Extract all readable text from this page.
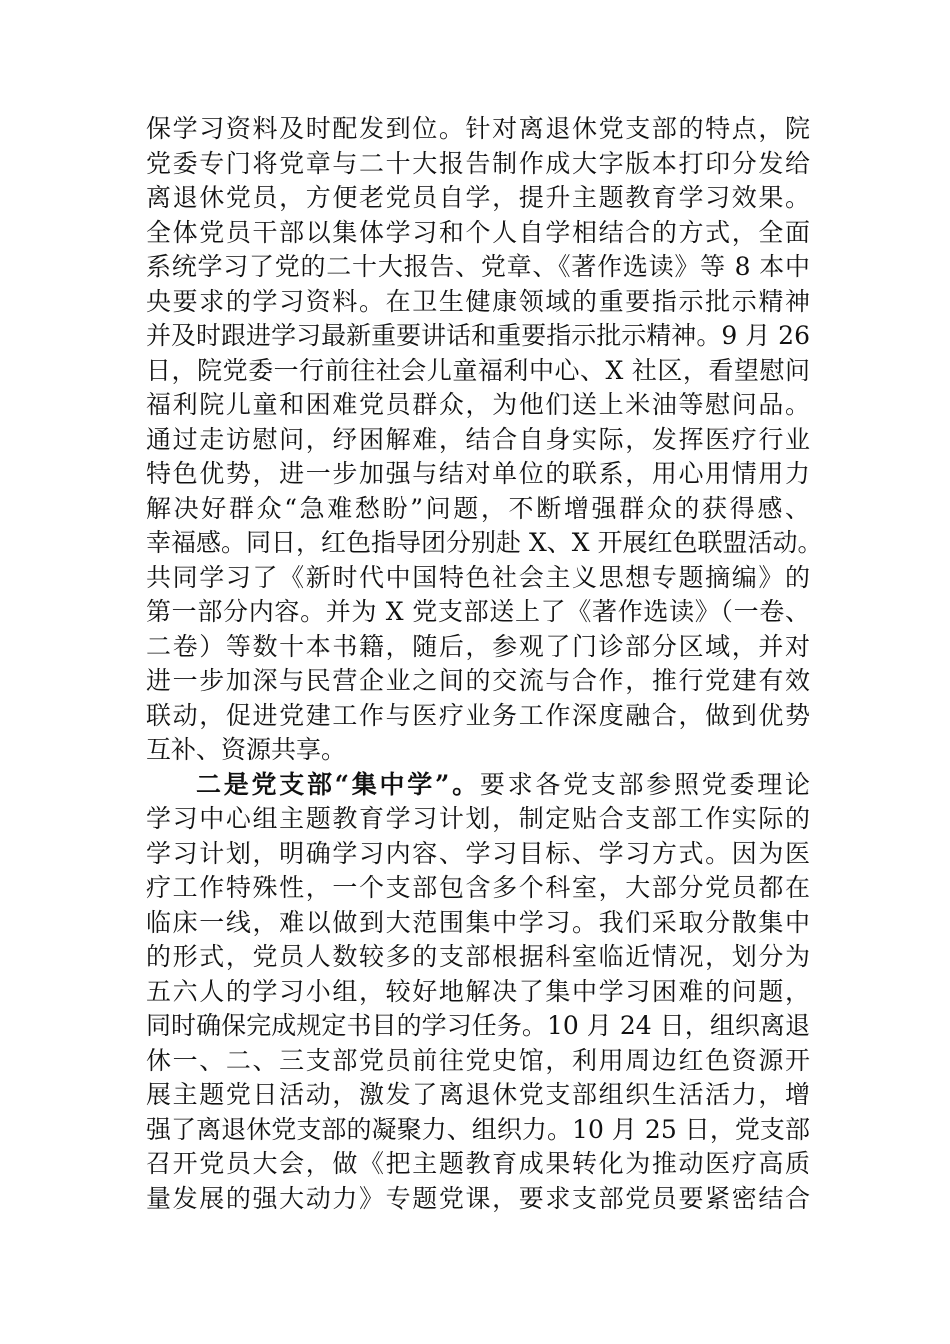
保学习资料及时配发到位。针对离退休党支部的特点，院
党委专门将党章与二十大报告制作成大字版本打印分发给
离退休党员，方便老党员自学，提升主题教育学习效果。
全体党员干部以集体学习和个人自学相结合的方式，全面
系统学习了党的二十大报告、党章、《著作选读》等 8 本中
央要求的学习资料。在卫生健康领域的重要指示批示精神
并及时跟进学习最新重要讲话和重要指示批示精神。9 月 26
日，院党委一行前往社会儿童福利中心、X 社区，看望慰问
福利院儿童和困难党员群众，为他们送上米油等慰问品。
通过走访慰问，纾困解难，结合自身实际，发挥医疗行业
特色优势，进一步加强与结对单位的联系，用心用情用力
解决好群众“急难愁盼”问题，不断增强群众的获得感、
幸福感。同日，红色指导团分别赴 X、X 开展红色联盟活动。
共同学习了《新时代中国特色社会主义思想专题摘编》的
第一部分内容。并为 X 党支部送上了《著作选读》（一卷、
二卷）等数十本书籍，随后，参观了门诊部分区域，并对
进一步加深与民营企业之间的交流与合作，推行党建有效
联动，促进党建工作与医疗业务工作深度融合，做到优势
互补、资源共享。
二是党支部“集中学”。要求各党支部参照党委理论
学习中心组主题教育学习计划，制定贴合支部工作实际的
学习计划，明确学习内容、学习目标、学习方式。因为医
疗工作特殊性，一个支部包含多个科室，大部分党员都在
临床一线，难以做到大范围集中学习。我们采取分散集中
的形式，党员人数较多的支部根据科室临近情况，划分为
五六人的学习小组，较好地解决了集中学习困难的问题，
同时确保完成规定书目的学习任务。10 月 24 日，组织离退
休一、二、三支部党员前往党史馆，利用周边红色资源开
展主题党日活动，激发了离退休党支部组织生活活力，增
强了离退休党支部的凝聚力、组织力。10 月 25 日，党支部
召开党员大会，做《把主题教育成果转化为推动医疗高质
量发展的强大动力》专题党课，要求支部党员要紧密结合
